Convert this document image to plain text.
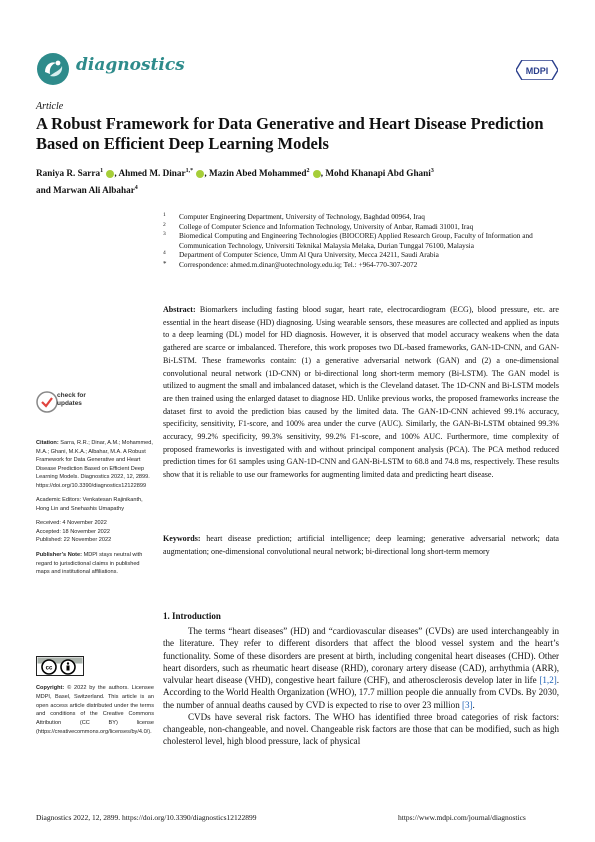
diagnostics	MDPI
Article
A Robust Framework for Data Generative and Heart Disease Prediction Based on Efficient Deep Learning Models
Raniya R. Sarra$^1$ , Ahmed M. Dinar$^{1,*}$ , Mazin Abed Mohammed$^2$ , Mohd Khanapi Abd Ghani$^3$
and Marwan Ali Albahar$^4$
1 Computer Engineering Department, University of Technology, Baghdad 00964, Iraq
2 College of Computer Science and Information Technology, University of Anbar, Ramadi 31001, Iraq
3 Biomedical Computing and Engineering Technologies (BIOCORE) Applied Research Group, Faculty of Information and Communication Technology, Universiti Teknikal Malaysia Melaka, Durian Tunggal 76100, Malaysia
4 Department of Computer Science, Umm Al Qura University, Mecca 24211, Saudi Arabia
* Correspondence: ahmed.m.dinar@uotechnology.edu.iq; Tel.: +964-770-307-2072
Abstract: Biomarkers including fasting blood sugar, heart rate, electrocardiogram (ECG), blood pressure, etc. are essential in the heart disease (HD) diagnosing. Using wearable sensors, these measures are collected and applied as inputs to a deep learning (DL) model for HD diagnosis. However, it is observed that model accuracy weakens when the data gathered are scarce or imbalanced. Therefore, this work proposes two DL-based frameworks, GAN-1D-CNN, and GAN-Bi-LSTM. These frameworks contain: (1) a generative adversarial network (GAN) and (2) a one-dimensional convolutional neural network (1D-CNN) or bi-directional long short-term memory (Bi-LSTM). The GAN model is utilized to augment the small and imbalanced dataset, which is the Cleveland dataset. The 1D-CNN and Bi-LSTM models are then trained using the enlarged dataset to diagnose HD. Unlike previous works, the proposed frameworks increase the dataset first to avoid the prediction bias caused by the limited data. The GAN-1D-CNN achieved 99.1% accuracy, specificity, sensitivity, F1-score, and 100% area under the curve (AUC). Similarly, the GAN-Bi-LSTM obtained 99.3% accuracy, 99.2% specificity, 99.3% sensitivity, 99.2% F1-score, and 100% AUC. Furthermore, time complexity of proposed frameworks is investigated with and without principal component analysis (PCA). The PCA method reduced prediction times for 61 samples using GAN-1D-CNN and GAN-Bi-LSTM to 68.8 and 74.8 ms, respectively. These results show that it is reliable to use our frameworks for augmenting limited data and predicting heart disease.
Keywords: heart disease prediction; artificial intelligence; deep learning; generative adversarial network; data augmentation; one-dimensional convolutional neural network; bi-directional long short-term memory
check for updates
Citation: Sarra, R.R.; Dinar, A.M.; Mohammed, M.A.; Ghani, M.K.A.; Albahar, M.A. A Robust Framework for Data Generative and Heart Disease Prediction Based on Efficient Deep Learning Models. Diagnostics 2022, 12, 2899. https://doi.org/10.3390/diagnostics12122899
Academic Editors: Venkatesan Rajinikanth, Hong Lin and Snehashis Umapathy
Received: 4 November 2022
Accepted: 18 November 2022
Published: 22 November 2022
Publisher’s Note: MDPI stays neutral with regard to jurisdictional claims in published maps and institutional affiliations.
cc
Copyright: © 2022 by the authors. Licensee MDPI, Basel, Switzerland. This article is an open access article distributed under the terms and conditions of the Creative Commons Attribution (CC BY) license (https://creativecommons.org/licenses/by/4.0/).
1. Introduction

The terms “heart diseases” (HD) and “cardiovascular diseases” (CVDs) are used interchangeably in the literature. They refer to different disorders that affect the blood vessel system and the heart’s functionality. Some of these disorders are present at birth, including congenital heart diseases (CHD). Other heart disorders, such as rheumatic heart disease (RHD), coronary artery disease (CAD), arrhythmia (ARR), valvular heart disease (VHD), congestive heart failure (CHF), and atherosclerosis develop later in life [1,2]. According to the World Health Organization (WHO), 17.7 million people die annually from CVDs. By 2030, the number of annual deaths caused by CVD is expected to rise to over 23 million [3].

CVDs have several risk factors. The WHO has identified three broad categories of risk factors: changeable, non-changeable, and novel. Changeable risk factors are those that can be modified, such as high cholesterol level, high blood pressure, lack of physical

Diagnostics 2022, 12, 2899. https://doi.org/10.3390/diagnostics12122899	https://www.mdpi.com/journal/diagnostics
